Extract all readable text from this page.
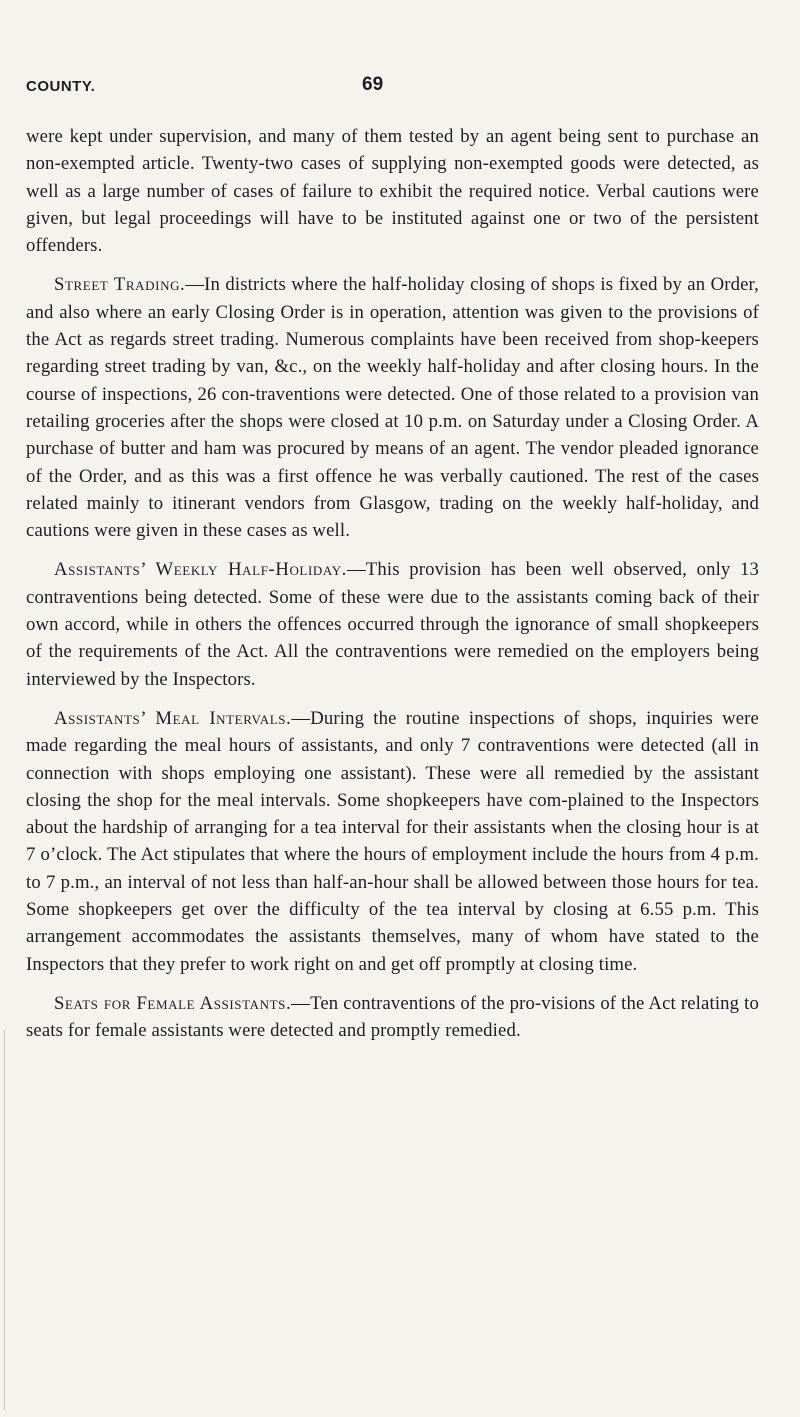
COUNTY.	69

were kept under supervision, and many of them tested by an agent being sent to purchase an non-exempted article. Twenty-two cases of supplying non-exempted goods were detected, as well as a large number of cases of failure to exhibit the required notice. Verbal cautions were given, but legal proceedings will have to be instituted against one or two of the persistent offenders.

Street Trading.—In districts where the half-holiday closing of shops is fixed by an Order, and also where an early Closing Order is in operation, attention was given to the provisions of the Act as regards street trading. Numerous complaints have been received from shop-keepers regarding street trading by van, &c., on the weekly half-holiday and after closing hours. In the course of inspections, 26 con-traventions were detected. One of those related to a provision van retailing groceries after the shops were closed at 10 p.m. on Saturday under a Closing Order. A purchase of butter and ham was procured by means of an agent. The vendor pleaded ignorance of the Order, and as this was a first offence he was verbally cautioned. The rest of the cases related mainly to itinerant vendors from Glasgow, trading on the weekly half-holiday, and cautions were given in these cases as well.

Assistants’ Weekly Half-Holiday.—This provision has been well observed, only 13 contraventions being detected. Some of these were due to the assistants coming back of their own accord, while in others the offences occurred through the ignorance of small shopkeepers of the requirements of the Act. All the contraventions were remedied on the employers being interviewed by the Inspectors.

Assistants’ Meal Intervals.—During the routine inspections of shops, inquiries were made regarding the meal hours of assistants, and only 7 contraventions were detected (all in connection with shops employing one assistant). These were all remedied by the assistant closing the shop for the meal intervals. Some shopkeepers have com-plained to the Inspectors about the hardship of arranging for a tea interval for their assistants when the closing hour is at 7 o’clock. The Act stipulates that where the hours of employment include the hours from 4 p.m. to 7 p.m., an interval of not less than half-an-hour shall be allowed between those hours for tea. Some shopkeepers get over the difficulty of the tea interval by closing at 6.55 p.m. This arrangement accommodates the assistants themselves, many of whom have stated to the Inspectors that they prefer to work right on and get off promptly at closing time.

Seats for Female Assistants.—Ten contraventions of the pro-visions of the Act relating to seats for female assistants were detected and promptly remedied.
